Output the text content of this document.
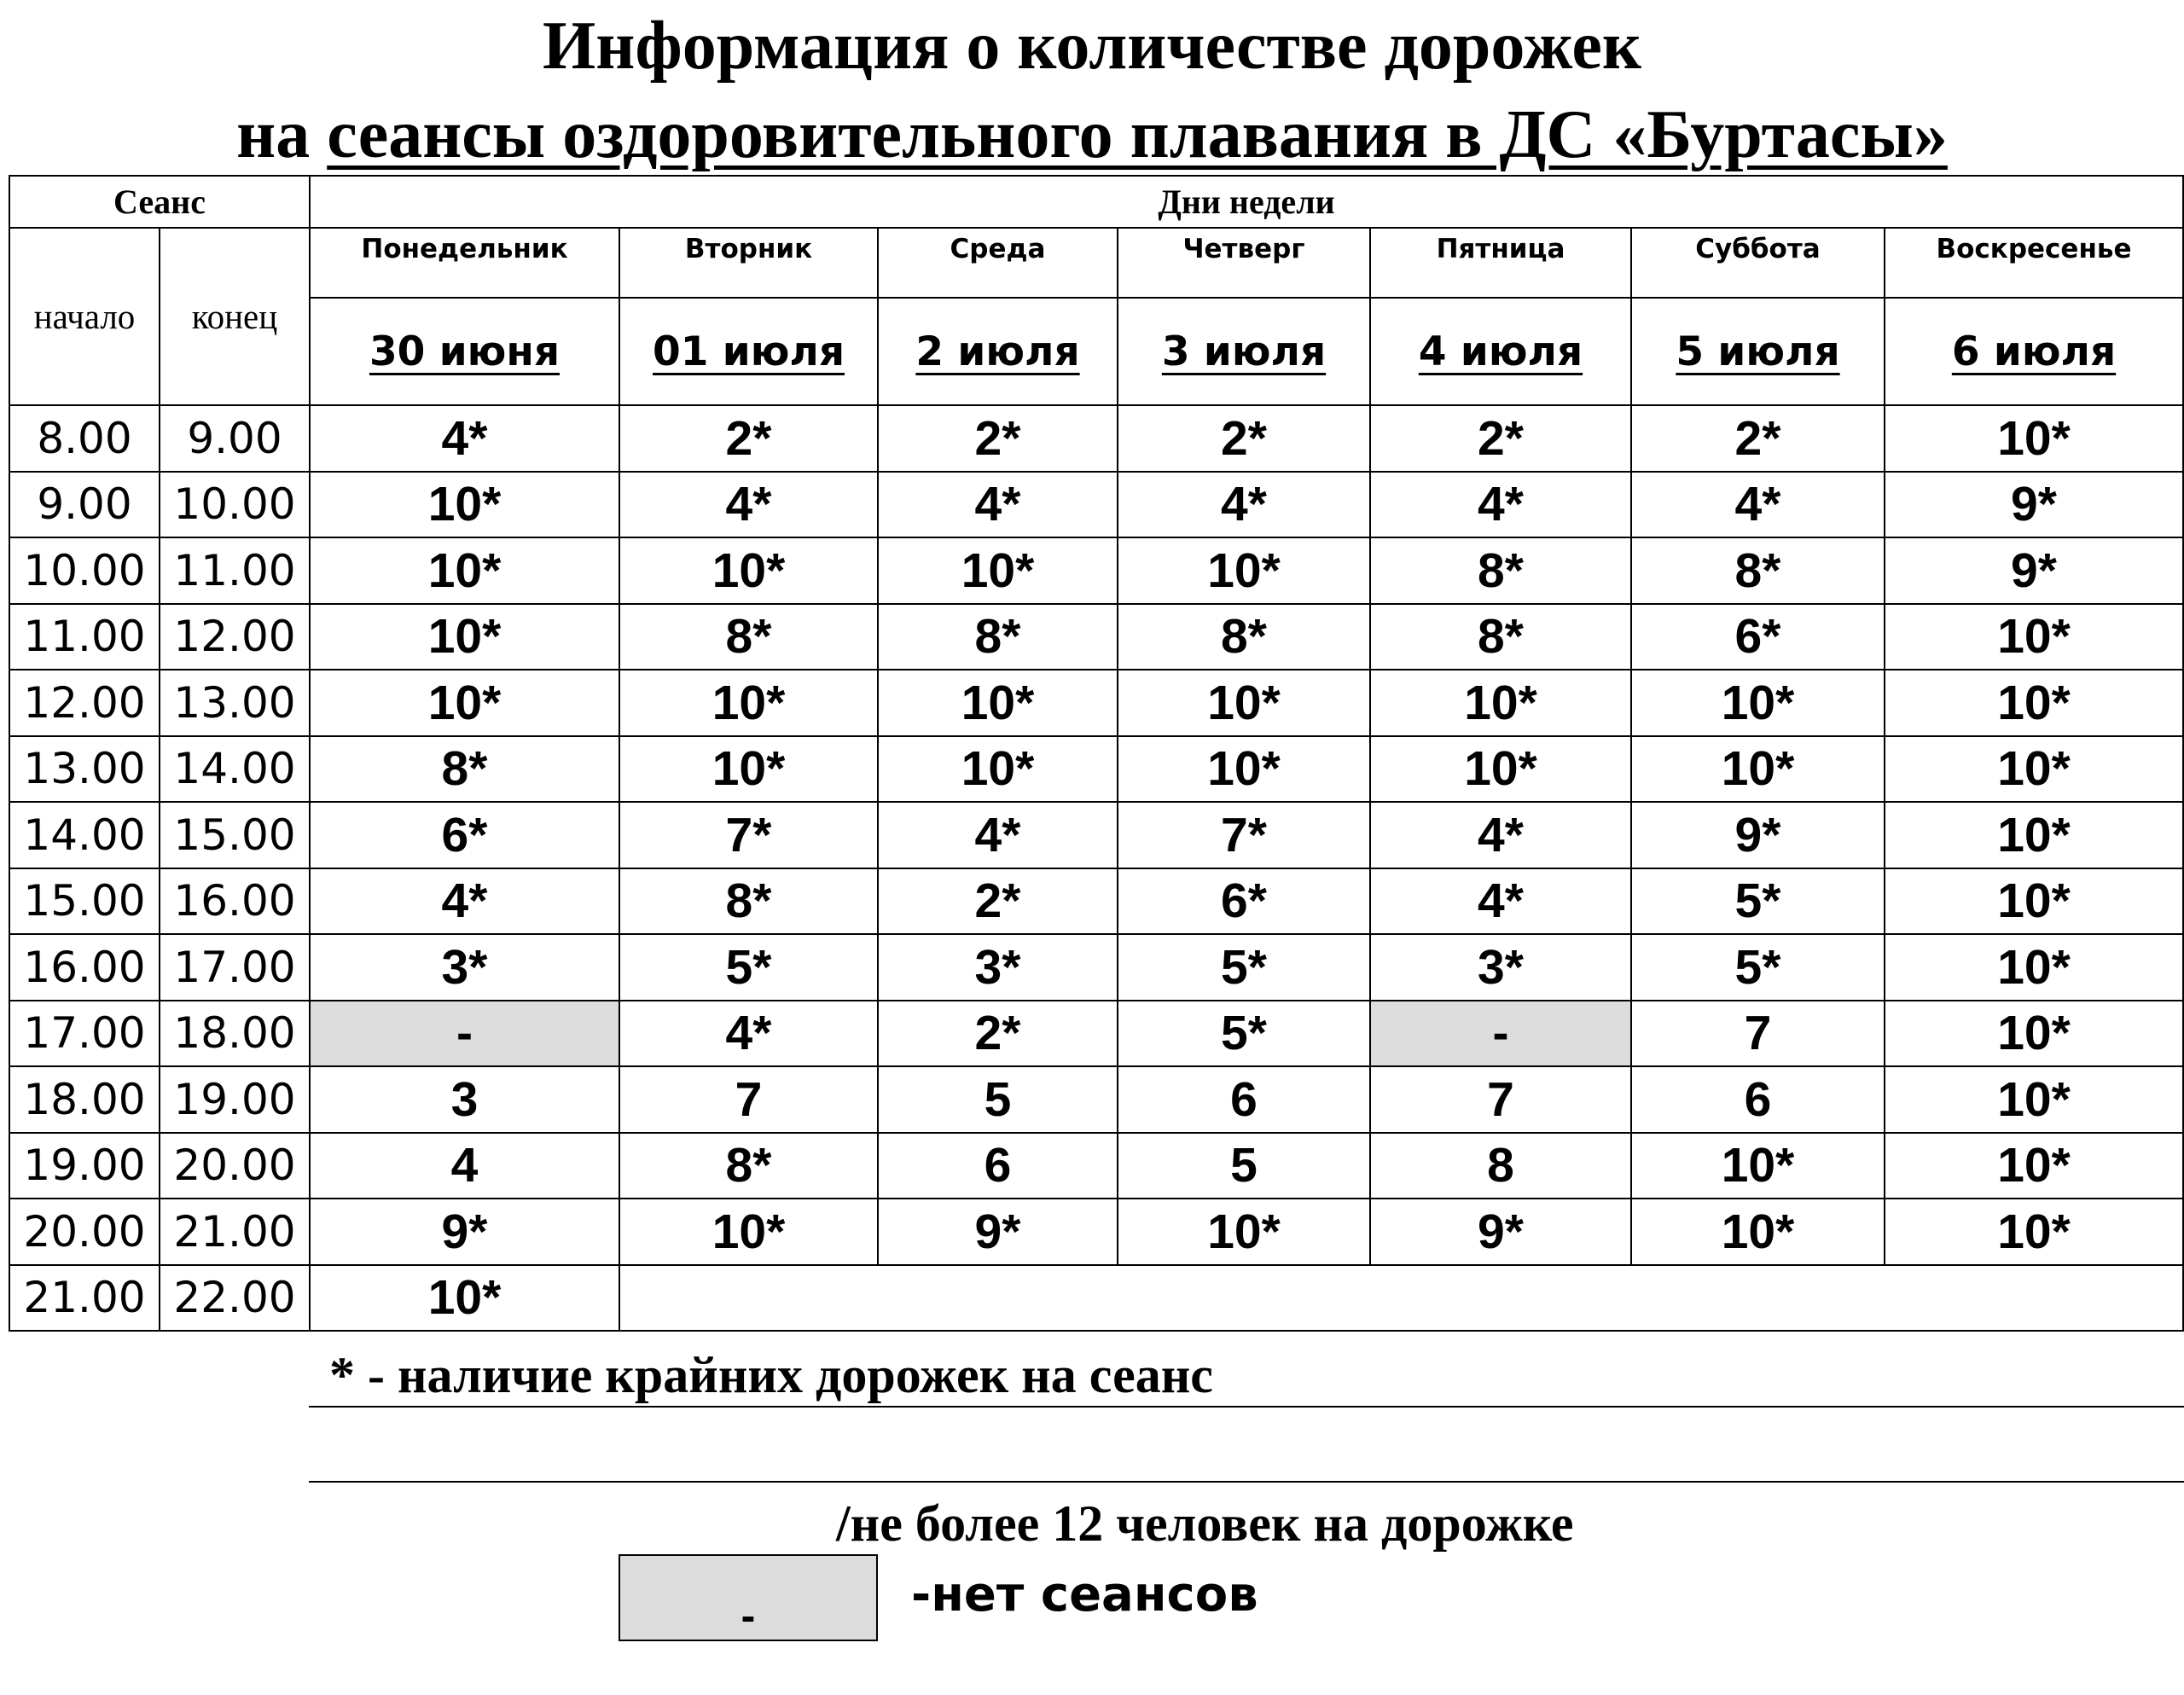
Информация о количестве дорожек
на сеансы оздоровительного плавания в ДС «Буртасы»
Сеанс		Дни недели						
начало	конец	Понедельник	Вторник	Среда	Четверг	Пятница	Суббота	Воскресенье
		30 июня	01 июля	2 июля	3 июля	4 июля	5 июля	6 июля
8.00	9.00	4*	2*	2*	2*	2*	2*	10*
9.00	10.00	10*	4*	4*	4*	4*	4*	9*
10.00	11.00	10*	10*	10*	10*	8*	8*	9*
11.00	12.00	10*	8*	8*	8*	8*	6*	10*
12.00	13.00	10*	10*	10*	10*	10*	10*	10*
13.00	14.00	8*	10*	10*	10*	10*	10*	10*
14.00	15.00	6*	7*	4*	7*	4*	9*	10*
15.00	16.00	4*	8*	2*	6*	4*	5*	10*
16.00	17.00	3*	5*	3*	5*	3*	5*	10*
17.00	18.00	-	4*	2*	5*	-	7	10*
18.00	19.00	3	7	5	6	7	6	10*
19.00	20.00	4	8*	6	5	8	10*	10*
20.00	21.00	9*	10*	9*	10*	9*	10*	10*
21.00	22.00	10*						
* - наличие крайних дорожек на сеанс
/не более 12 человек на дорожке
-	-нет сеансов
